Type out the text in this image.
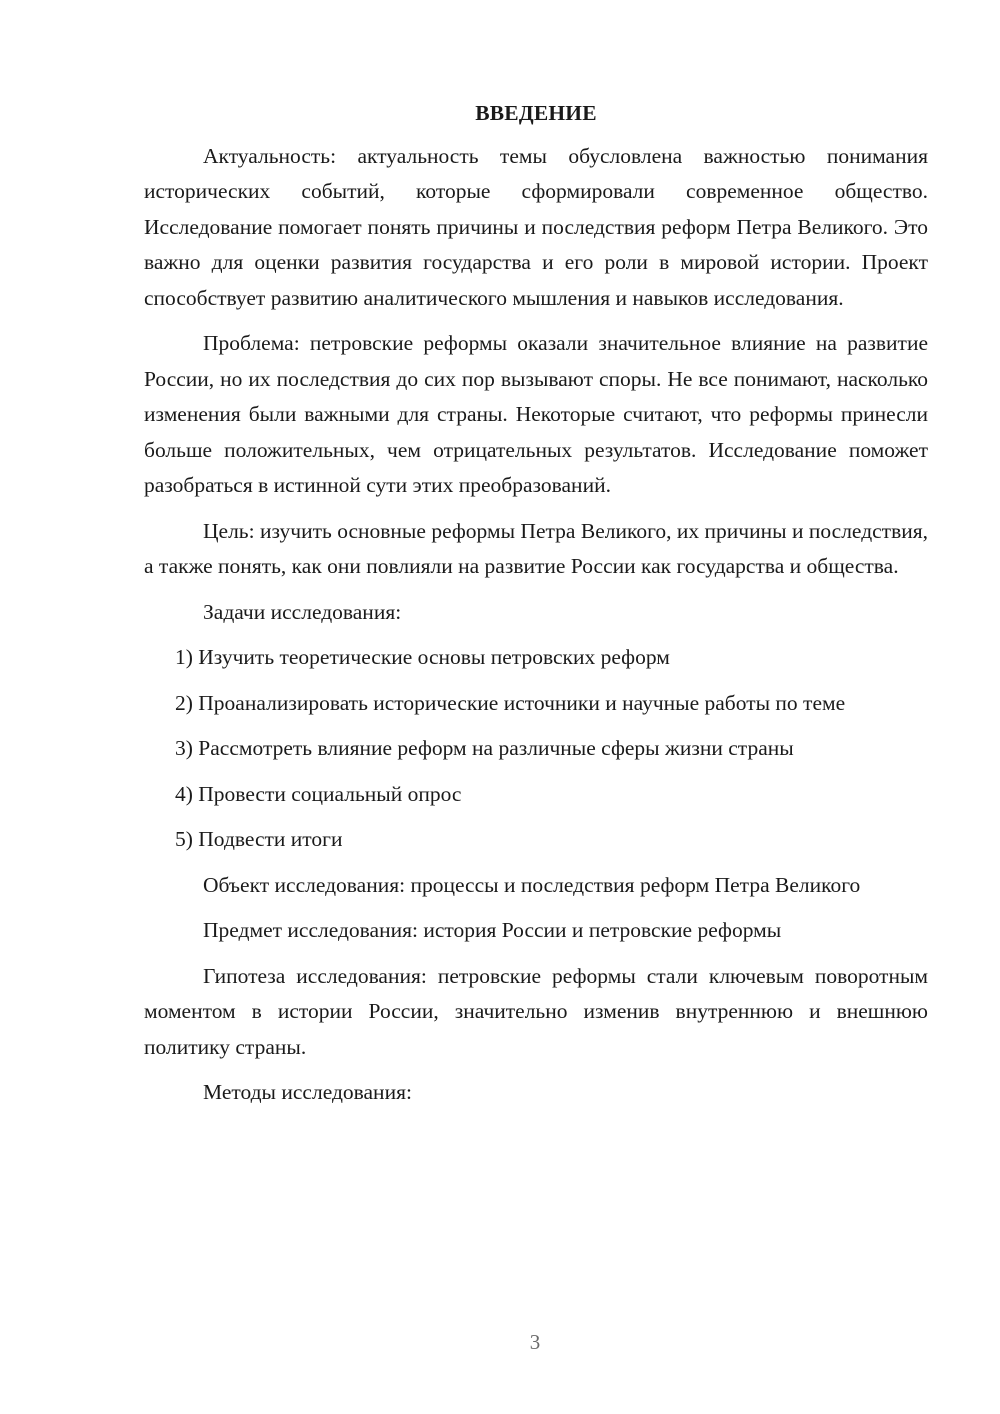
ВВЕДЕНИЕ

Актуальность: актуальность темы обусловлена важностью понимания исторических событий, которые сформировали современное общество. Исследование помогает понять причины и последствия реформ Петра Великого. Это важно для оценки развития государства и его роли в мировой истории. Проект способствует развитию аналитического мышления и навыков исследования.

Проблема: петровские реформы оказали значительное влияние на развитие России, но их последствия до сих пор вызывают споры. Не все понимают, насколько изменения были важными для страны. Некоторые считают, что реформы принесли больше положительных, чем отрицательных результатов. Исследование поможет разобраться в истинной сути этих преобразований.

Цель: изучить основные реформы Петра Великого, их причины и последствия, а также понять, как они повлияли на развитие России как государства и общества.

Задачи исследования:

1) Изучить теоретические основы петровских реформ

2) Проанализировать исторические источники и научные работы по теме

3) Рассмотреть влияние реформ на различные сферы жизни страны

4) Провести социальный опрос

5) Подвести итоги

Объект исследования: процессы и последствия реформ Петра Великого

Предмет исследования: история России и петровские реформы

Гипотеза исследования: петровские реформы стали ключевым поворотным моментом в истории России, значительно изменив внутреннюю и внешнюю политику страны.

Методы исследования:

3
